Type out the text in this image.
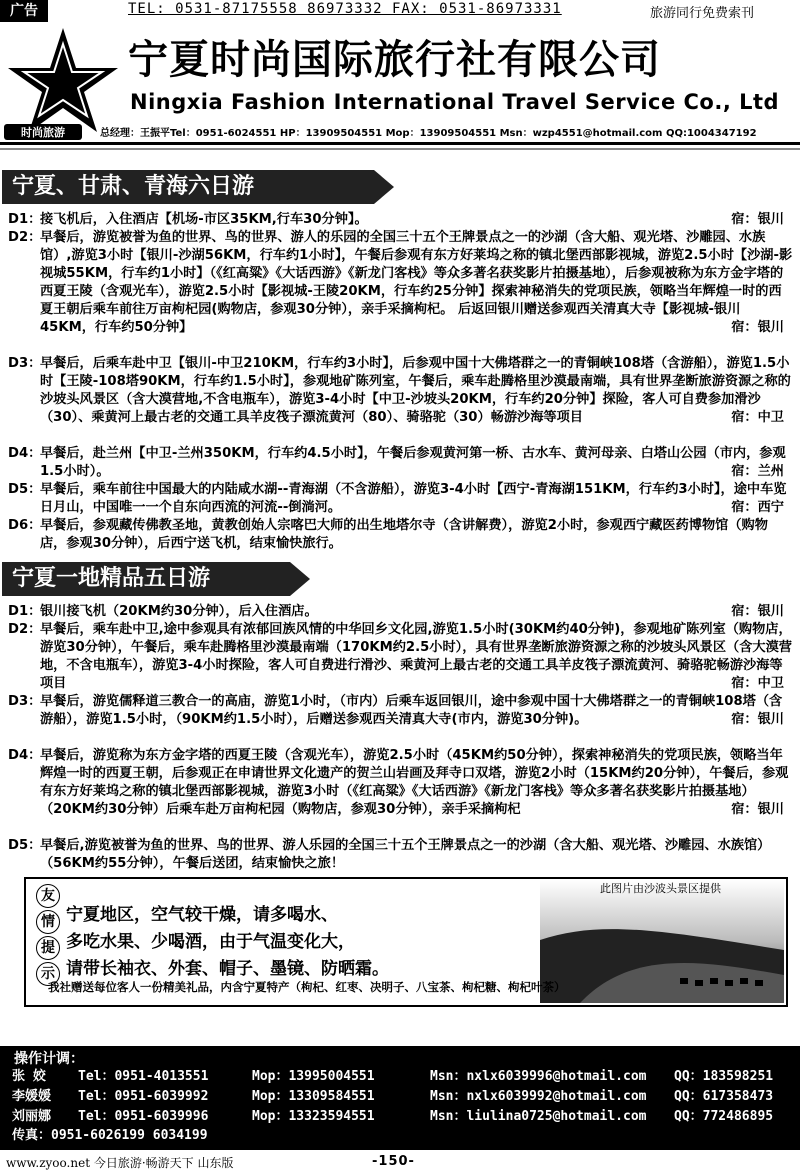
广告	TEL: 0531-87175558 86973332 FAX: 0531-86973331	旅游同行免费索刊
时尚旅游
宁夏时尚国际旅行社有限公司
Ningxia Fashion International Travel Service Co., Ltd
总经理：王振平Tel：0951-6024551 HP：13909504551 Mop：13909504551 Msn：wzp4551@hotmail.com QQ:1004347192
宁夏、甘肃、青海六日游
D1：
接飞机后，入住酒店【机场-市区35KM,行车30分钟】。	宿：银川
D2：
早餐后，游览被誉为鱼的世界、鸟的世界、游人的乐园的全国三十五个王牌景点之一的沙湖（含大船、观光塔、沙雕园、水族馆）,游览3小时【银川-沙湖56KM，行车约1小时】，午餐后参观有东方好莱坞之称的镇北堡西部影视城，游览2.5小时【沙湖-影视城55KM，行车约1小时】（《红高粱》《大话西游》《新龙门客栈》等众多著名获奖影片拍摄基地），后参观被称为东方金字塔的西夏王陵（含观光车），游览2.5小时【影视城-王陵20KM，行车约25分钟】探索神秘消失的党项民族，领略当年辉煌一时的西夏王朝后乘车前往万亩枸杞园(购物店，参观30分钟），亲手采摘枸杞。 后返回银川赠送参观西关清真大寺【影视城-银川45KM，行车约50分钟】	宿：银川
D3：
早餐后，后乘车赴中卫【银川-中卫210KM，行车约3小时】，后参观中国十大佛塔群之一的青铜峡108塔（含游船），游览1.5小时【王陵-108塔90KM，行车约1.5小时】，参观地矿陈列室，午餐后，乘车赴腾格里沙漠最南端，具有世界垄断旅游资源之称的沙坡头风景区（含大漠营地,不含电瓶车），游览3-4小时【中卫-沙坡头20KM，行车约20分钟】探险，客人可自费参加滑沙（30）、乘黄河上最古老的交通工具羊皮筏子漂流黄河（80）、骑骆驼（30）畅游沙海等项目	宿：中卫
D4：
早餐后，赴兰州【中卫-兰州350KM，行车约4.5小时】，午餐后参观黄河第一桥、古水车、黄河母亲、白塔山公园（市内，参观1.5小时）。	宿：兰州
D5：
早餐后，乘车前往中国最大的内陆咸水湖--青海湖（不含游船），游览3-4小时【西宁-青海湖151KM，行车约3小时】，途中车览日月山，中国唯一一个自东向西流的河流--倒淌河。	宿：西宁
D6：
早餐后，参观藏传佛教圣地，黄教创始人宗喀巴大师的出生地塔尔寺（含讲解费），游览2小时，参观西宁藏医药博物馆（购物店，参观30分钟），后西宁送飞机，结束愉快旅行。
宁夏一地精品五日游
D1：
银川接飞机（20KM约30分钟），后入住酒店。	宿：银川
D2：
早餐后，乘车赴中卫,途中参观具有浓郁回族风情的中华回乡文化园,游览1.5小时(30KM约40分钟)，参观地矿陈列室（购物店，游览30分钟），午餐后，乘车赴腾格里沙漠最南端（170KM约2.5小时），具有世界垄断旅游资源之称的沙坡头风景区（含大漠营地，不含电瓶车），游览3-4小时探险，客人可自费进行滑沙、乘黄河上最古老的交通工具羊皮筏子漂流黄河、骑骆驼畅游沙海等项目	宿：中卫
D3：
早餐后，游览儒释道三教合一的高庙，游览1小时，（市内）后乘车返回银川，途中参观中国十大佛塔群之一的青铜峡108塔（含游船），游览1.5小时，（90KM约1.5小时），后赠送参观西关清真大寺(市内，游览30分钟)。	宿：银川
D4：
早餐后，游览称为东方金字塔的西夏王陵（含观光车），游览2.5小时（45KM约50分钟），探索神秘消失的党项民族，领略当年辉煌一时的西夏王朝，后参观正在申请世界文化遗产的贺兰山岩画及拜寺口双塔，游览2小时（15KM约20分钟），午餐后，参观有东方好莱坞之称的镇北堡西部影视城，游览3小时（《红高粱》《大话西游》《新龙门客栈》等众多著名获奖影片拍摄基地）（20KM约30分钟）后乘车赴万亩枸杞园（购物店，参观30分钟），亲手采摘枸杞	宿：银川
D5：
早餐后,游览被誉为鱼的世界、鸟的世界、游人乐园的全国三十五个王牌景点之一的沙湖（含大船、观光塔、沙雕园、水族馆）（56KM约55分钟），午餐后送团，结束愉快之旅！
此图片由沙波头景区提供
友
情
提
示
宁夏地区，空气较干燥，请多喝水、
多吃水果、少喝酒，由于气温变化大，
请带长袖衣、外套、帽子、墨镜、防晒霜。
我社赠送每位客人一份精美礼品，内含宁夏特产（枸杞、红枣、决明子、八宝茶、枸杞糖、枸杞叶茶）
操作计调：
张 姣 Tel：0951-4013551	Mop：13995004551	Msn：nxlx6039996@hotmail.com QQ：183598251
李媛媛 Tel：0951-6039992	Mop：13309584551	Msn：nxlx6039992@hotmail.com QQ：617358473
刘丽娜 Tel：0951-6039996	Mop：13323594551	Msn：liulina0725@hotmail.com QQ：772486895
传真：0951-6026199 6034199
www.zyoo.net 今日旅游·畅游天下 山东版	-150-
